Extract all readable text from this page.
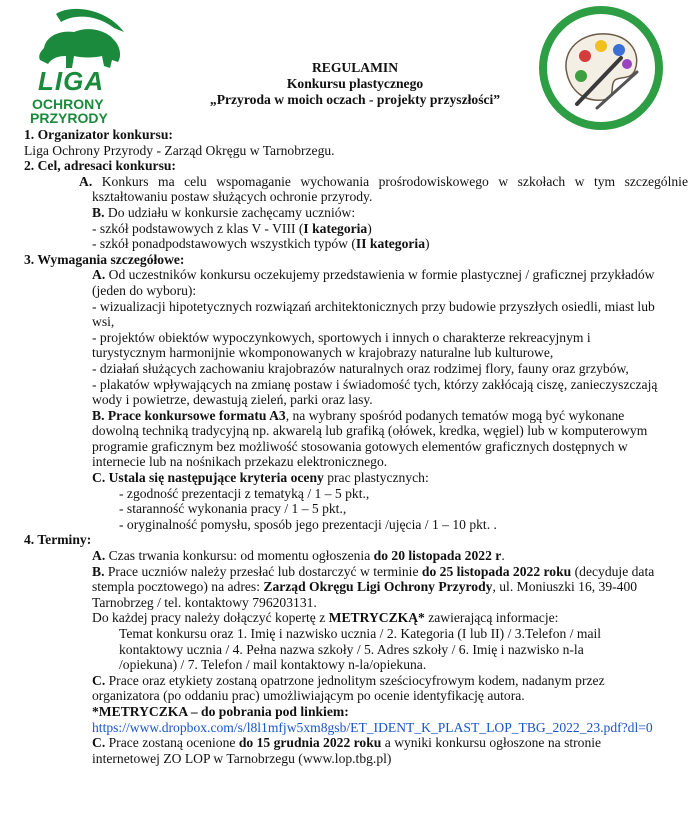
LIGA
OCHRONY
PRZYRODY
REGULAMIN
Konkursu plastycznego
„Przyroda w moich oczach - projekty przyszłości”
1. Organizator konkursu:
Liga Ochrony Przyrody - Zarząd Okręgu w Tarnobrzegu.
2. Cel, adresaci konkursu:
A. Konkurs ma celu wspomaganie wychowania prośrodowiskowego w szkołach w tym szczególnie
kształtowaniu postaw służących ochronie przyrody.
B. Do udziału w konkursie zachęcamy uczniów:
- szkół podstawowych z klas V - VIII (I kategoria)
- szkół ponadpodstawowych wszystkich typów (II kategoria)
3. Wymagania szczegółowe:
A. Od uczestników konkursu oczekujemy przedstawienia w formie plastycznej / graficznej przykładów
(jeden do wyboru):
- wizualizacji hipotetycznych rozwiązań architektonicznych przy budowie przyszłych osiedli, miast lub
wsi,
- projektów obiektów wypoczynkowych, sportowych i innych o charakterze rekreacyjnym i
turystycznym harmonijnie wkomponowanych w krajobrazy naturalne lub kulturowe,
- działań służących zachowaniu krajobrazów naturalnych oraz rodzimej flory, fauny oraz grzybów,
- plakatów wpływających na zmianę postaw i świadomość tych, którzy zakłócają ciszę, zanieczyszczają
wody i powietrze, dewastują zieleń, parki oraz lasy.
B. Prace konkursowe formatu A3, na wybrany spośród podanych tematów mogą być wykonane
dowolną techniką tradycyjną np. akwarelą lub grafiką (ołówek, kredka, węgiel) lub w komputerowym
programie graficznym bez możliwość stosowania gotowych elementów graficznych dostępnych w
internecie lub na nośnikach przekazu elektronicznego.
C. Ustala się następujące kryteria oceny prac plastycznych:
- zgodność prezentacji z tematyką / 1 – 5 pkt.,
- staranność wykonania pracy / 1 – 5 pkt.,
- oryginalność pomysłu, sposób jego prezentacji /ujęcia / 1 – 10 pkt. .
4. Terminy:
A. Czas trwania konkursu: od momentu ogłoszenia do 20 listopada 2022 r.
B. Prace uczniów należy przesłać lub dostarczyć w terminie do 25 listopada 2022 roku (decyduje data
stempla pocztowego) na adres: Zarząd Okręgu Ligi Ochrony Przyrody, ul. Moniuszki 16, 39-400
Tarnobrzeg / tel. kontaktowy 796203131.
Do każdej pracy należy dołączyć kopertę z METRYCZKĄ* zawierającą informacje:
Temat konkursu oraz 1. Imię i nazwisko ucznia / 2. Kategoria (I lub II) / 3.Telefon / mail
kontaktowy ucznia / 4. Pełna nazwa szkoły / 5. Adres szkoły / 6. Imię i nazwisko n-la
/opiekuna) / 7. Telefon / mail kontaktowy n-la/opiekuna.
C. Prace oraz etykiety zostaną opatrzone jednolitym sześciocyfrowym kodem, nadanym przez
organizatora (po oddaniu prac) umożliwiającym po ocenie identyfikację autora.
*METRYCZKA – do pobrania pod linkiem:
https://www.dropbox.com/s/l8l1mfjw5xm8gsb/ET_IDENT_K_PLAST_LOP_TBG_2022_23.pdf?dl=0
C. Prace zostaną ocenione do 15 grudnia 2022 roku a wyniki konkursu ogłoszone na stronie
internetowej ZO LOP w Tarnobrzegu (www.lop.tbg.pl)
